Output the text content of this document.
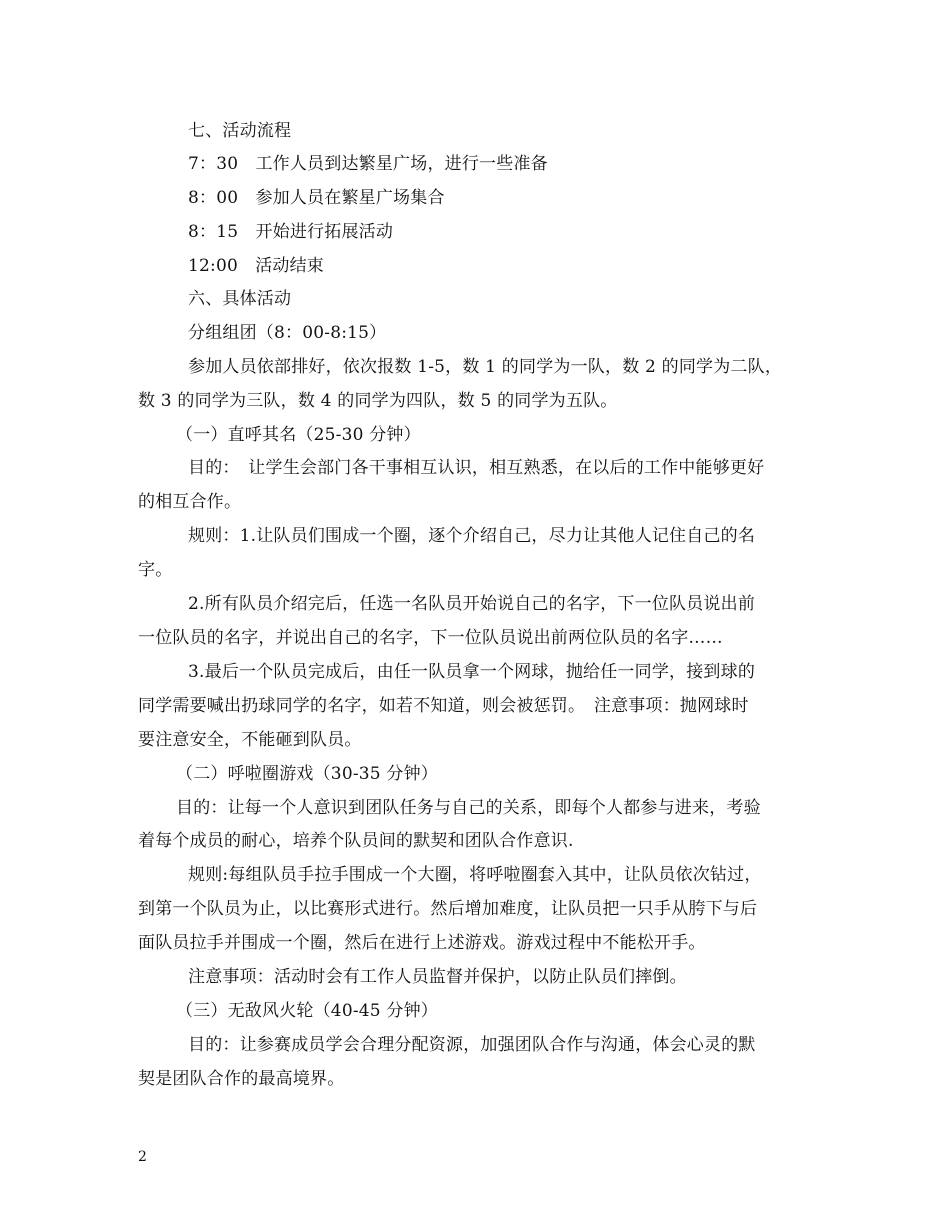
七、活动流程
7：30　工作人员到达繁星广场，进行一些准备
8：00　参加人员在繁星广场集合
8：15　开始进行拓展活动
12:00　活动结束
六、具体活动
分组组团（8：00-8:15）
参加人员依部排好，依次报数 1-5，数 1 的同学为一队，数 2 的同学为二队，
数 3 的同学为三队，数 4 的同学为四队，数 5 的同学为五队。
（一）直呼其名（25-30 分钟）
目的：　让学生会部门各干事相互认识，相互熟悉，在以后的工作中能够更好
的相互合作。
规则：1.让队员们围成一个圈，逐个介绍自己，尽力让其他人记住自己的名
字。
2.所有队员介绍完后，任选一名队员开始说自己的名字，下一位队员说出前
一位队员的名字，并说出自己的名字，下一位队员说出前两位队员的名字……
3.最后一个队员完成后，由任一队员拿一个网球，抛给任一同学，接到球的
同学需要喊出扔球同学的名字，如若不知道，则会被惩罚。　注意事项：抛网球时
要注意安全，不能砸到队员。
（二）呼啦圈游戏（30-35 分钟）
目的：让每一个人意识到团队任务与自己的关系，即每个人都参与进来，考验
着每个成员的耐心，培养个队员间的默契和团队合作意识.
规则:每组队员手拉手围成一个大圈，将呼啦圈套入其中，让队员依次钻过，
到第一个队员为止，以比赛形式进行。然后增加难度，让队员把一只手从胯下与后
面队员拉手并围成一个圈，然后在进行上述游戏。游戏过程中不能松开手。
注意事项：活动时会有工作人员监督并保护，以防止队员们摔倒。
（三）无敌风火轮（40-45 分钟）
目的：让参赛成员学会合理分配资源，加强团队合作与沟通，体会心灵的默
契是团队合作的最高境界。
2
